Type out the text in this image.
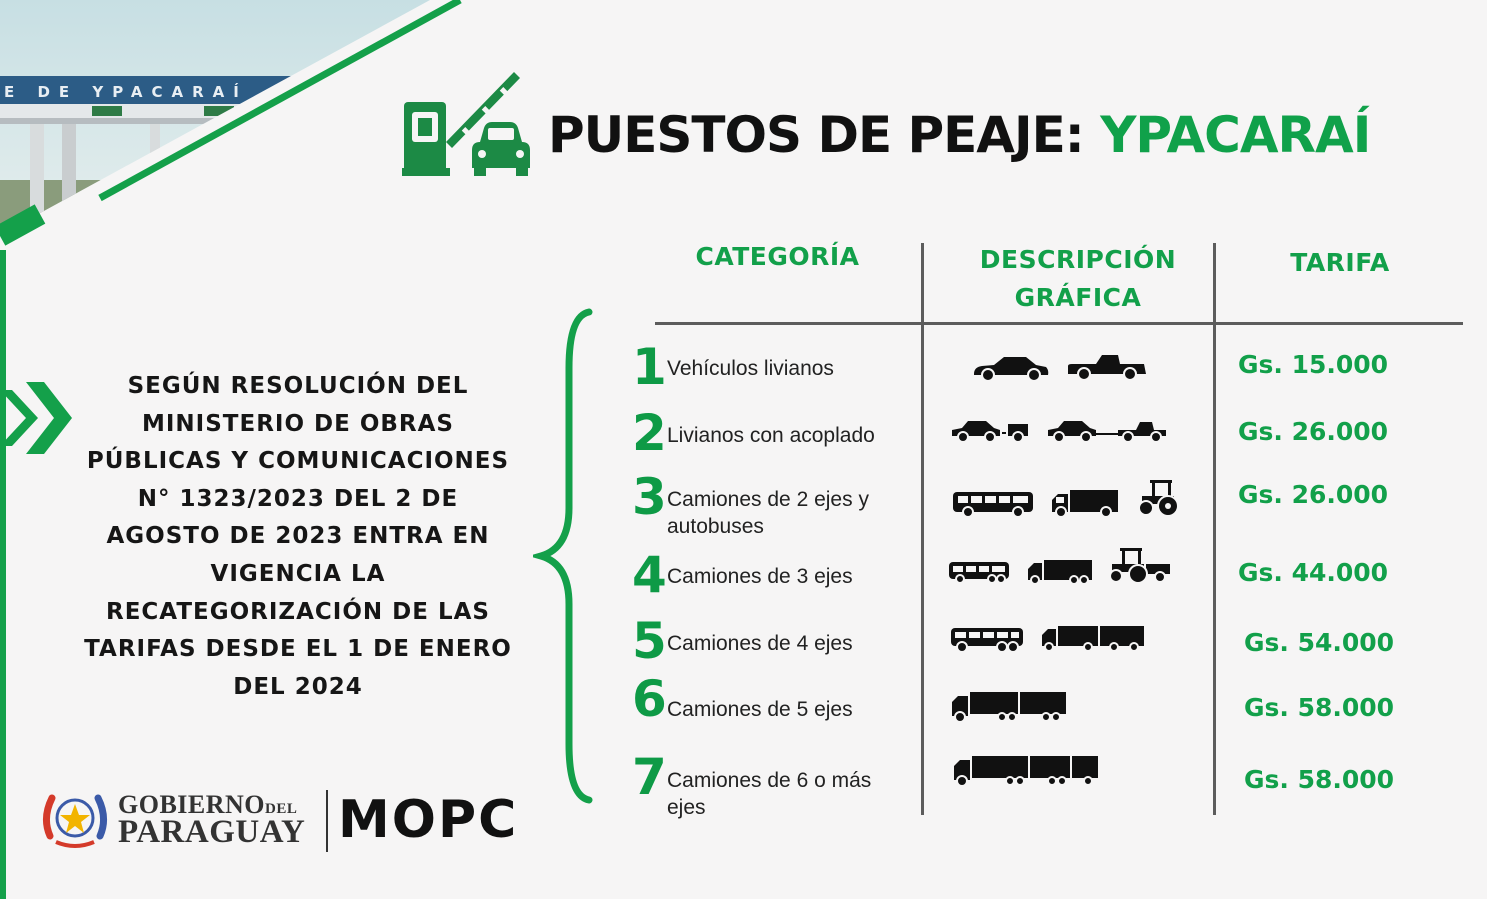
E DE YPACARAÍ
PUESTOS DE PEAJE: YPACARAÍ
CATEGORÍA	DESCRIPCIÓN
GRÁFICA
TARIFA
SEGÚN RESOLUCIÓN DEL
MINISTERIO DE OBRAS
PÚBLICAS Y COMUNICACIONES
N° 1323/2023 DEL 2 DE
AGOSTO DE 2023 ENTRA EN
VIGENCIA LA
RECATEGORIZACIÓN DE LAS
TARIFAS DESDE EL 1 DE ENERO
DEL 2024
1 Vehículos livianos	Gs. 15.000
2 Livianos con acoplado	Gs. 26.000
3 Camiones de 2 ejes y
autobuses
Gs. 26.000
4 Camiones de 3 ejes	Gs. 44.000
5 Camiones de 4 ejes	Gs. 54.000
6 Camiones de 5 ejes	Gs. 58.000
7 Camiones de 6 o más
ejes
Gs. 58.000
GOBIERNODEL
PARAGUAY MOPC
